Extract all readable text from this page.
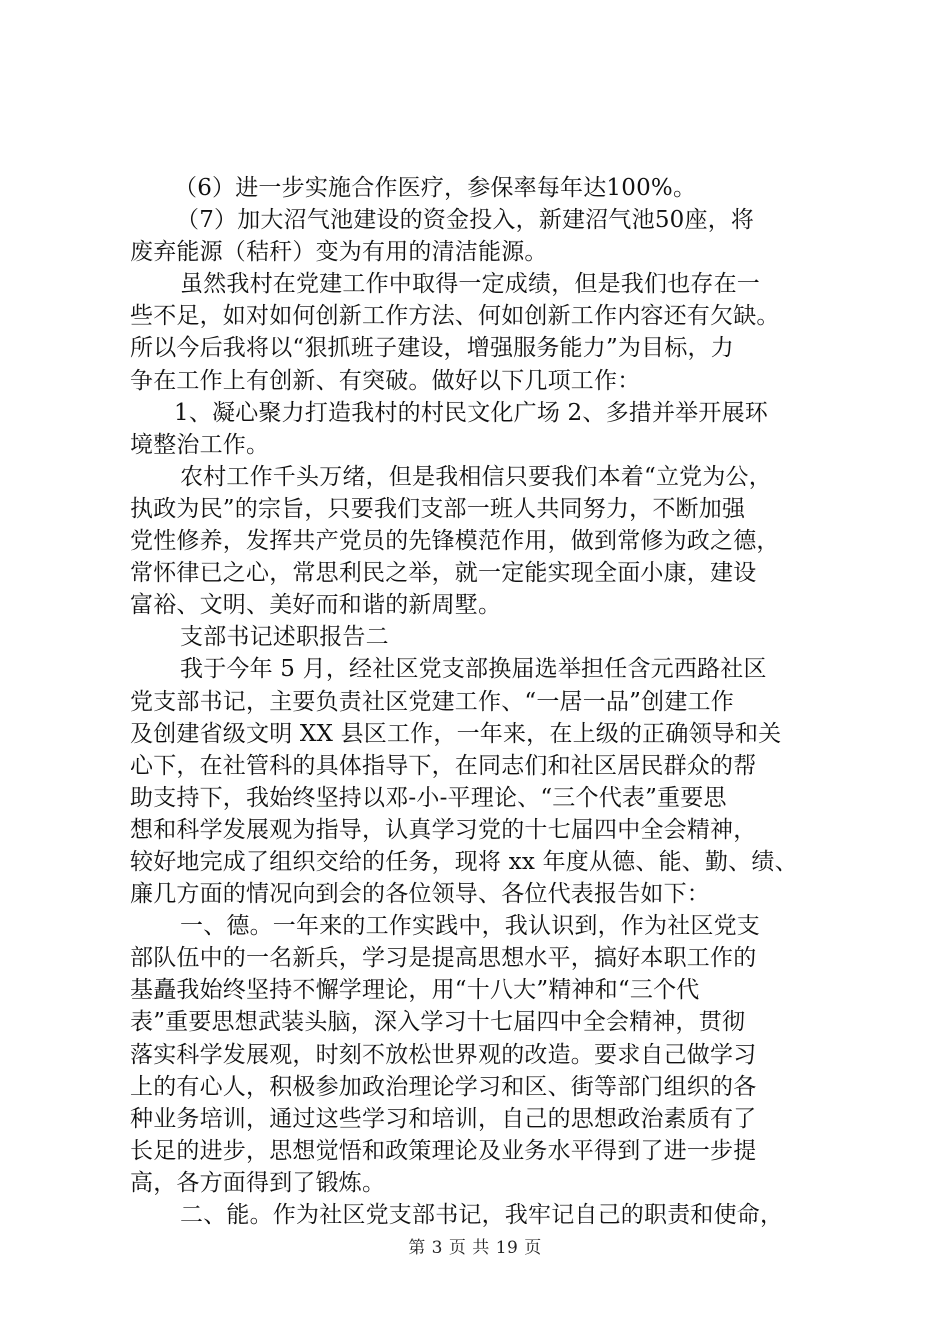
（6）进一步实施合作医疗，参保率每年达100%。
（7）加大沼气池建设的资金投入，新建沼气池50座，将
废弃能源（秸秆）变为有用的清洁能源。
虽然我村在党建工作中取得一定成绩，但是我们也存在一
些不足，如对如何创新工作方法、何如创新工作内容还有欠缺。
所以今后我将以“狠抓班子建设，增强服务能力”为目标，力
争在工作上有创新、有突破。做好以下几项工作：
1、凝心聚力打造我村的村民文化广场 2、多措并举开展环
境整治工作。
农村工作千头万绪，但是我相信只要我们本着“立党为公，
执政为民”的宗旨，只要我们支部一班人共同努力，不断加强
党性修养，发挥共产党员的先锋模范作用，做到常修为政之德，
常怀律已之心，常思利民之举，就一定能实现全面小康，建设
富裕、文明、美好而和谐的新周墅。
支部书记述职报告二
我于今年 5 月，经社区党支部换届选举担任含元西路社区
党支部书记，主要负责社区党建工作、“一居一品”创建工作
及创建省级文明 XX 县区工作，一年来，在上级的正确领导和关
心下，在社管科的具体指导下，在同志们和社区居民群众的帮
助支持下，我始终坚持以邓-小-平理论、“三个代表”重要思
想和科学发展观为指导，认真学习党的十七届四中全会精神，
较好地完成了组织交给的任务，现将 xx 年度从德、能、勤、绩、
廉几方面的情况向到会的各位领导、各位代表报告如下：
一、德。一年来的工作实践中，我认识到，作为社区党支
部队伍中的一名新兵，学习是提高思想水平，搞好本职工作的
基矗我始终坚持不懈学理论，用“十八大”精神和“三个代
表”重要思想武装头脑，深入学习十七届四中全会精神，贯彻
落实科学发展观，时刻不放松世界观的改造。要求自己做学习
上的有心人，积极参加政治理论学习和区、街等部门组织的各
种业务培训，通过这些学习和培训，自己的思想政治素质有了
长足的进步，思想觉悟和政策理论及业务水平得到了进一步提
高，各方面得到了锻炼。
二、能。作为社区党支部书记，我牢记自己的职责和使命，
第 3 页 共 19 页
